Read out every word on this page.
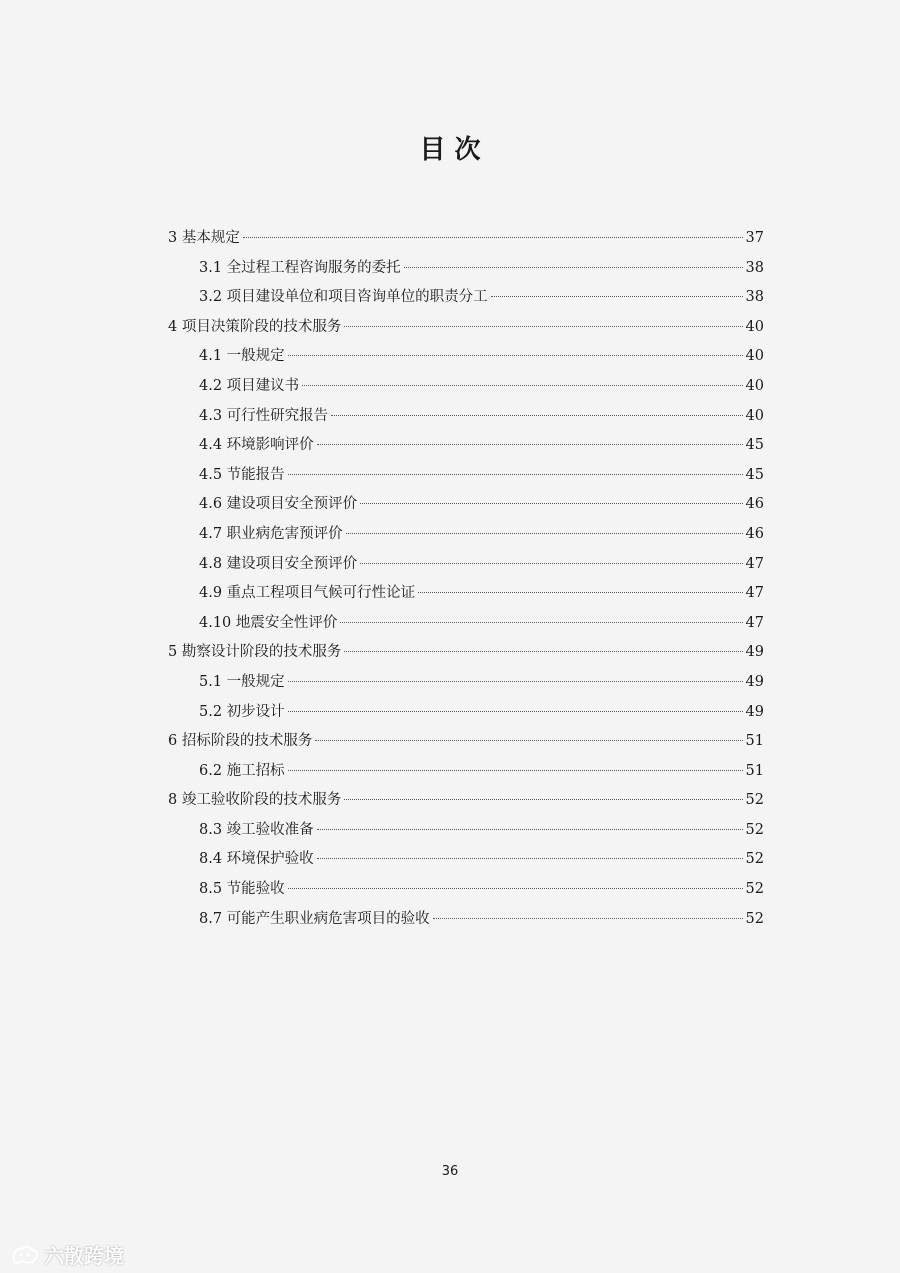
目 次
3 基本规定	37
3.1 全过程工程咨询服务的委托	38
3.2 项目建设单位和项目咨询单位的职责分工	38
4 项目决策阶段的技术服务	40
4.1 一般规定	40
4.2 项目建议书	40
4.3 可行性研究报告	40
4.4 环境影响评价	45
4.5 节能报告	45
4.6 建设项目安全预评价	46
4.7 职业病危害预评价	46
4.8 建设项目安全预评价	47
4.9 重点工程项目气候可行性论证	47
4.10 地震安全性评价	47
5 勘察设计阶段的技术服务	49
5.1 一般规定	49
5.2 初步设计	49
6 招标阶段的技术服务	51
6.2 施工招标	51
8 竣工验收阶段的技术服务	52
8.3 竣工验收准备	52
8.4 环境保护验收	52
8.5 节能验收	52
8.7 可能产生职业病危害项目的验收	52
36
六散跨境
